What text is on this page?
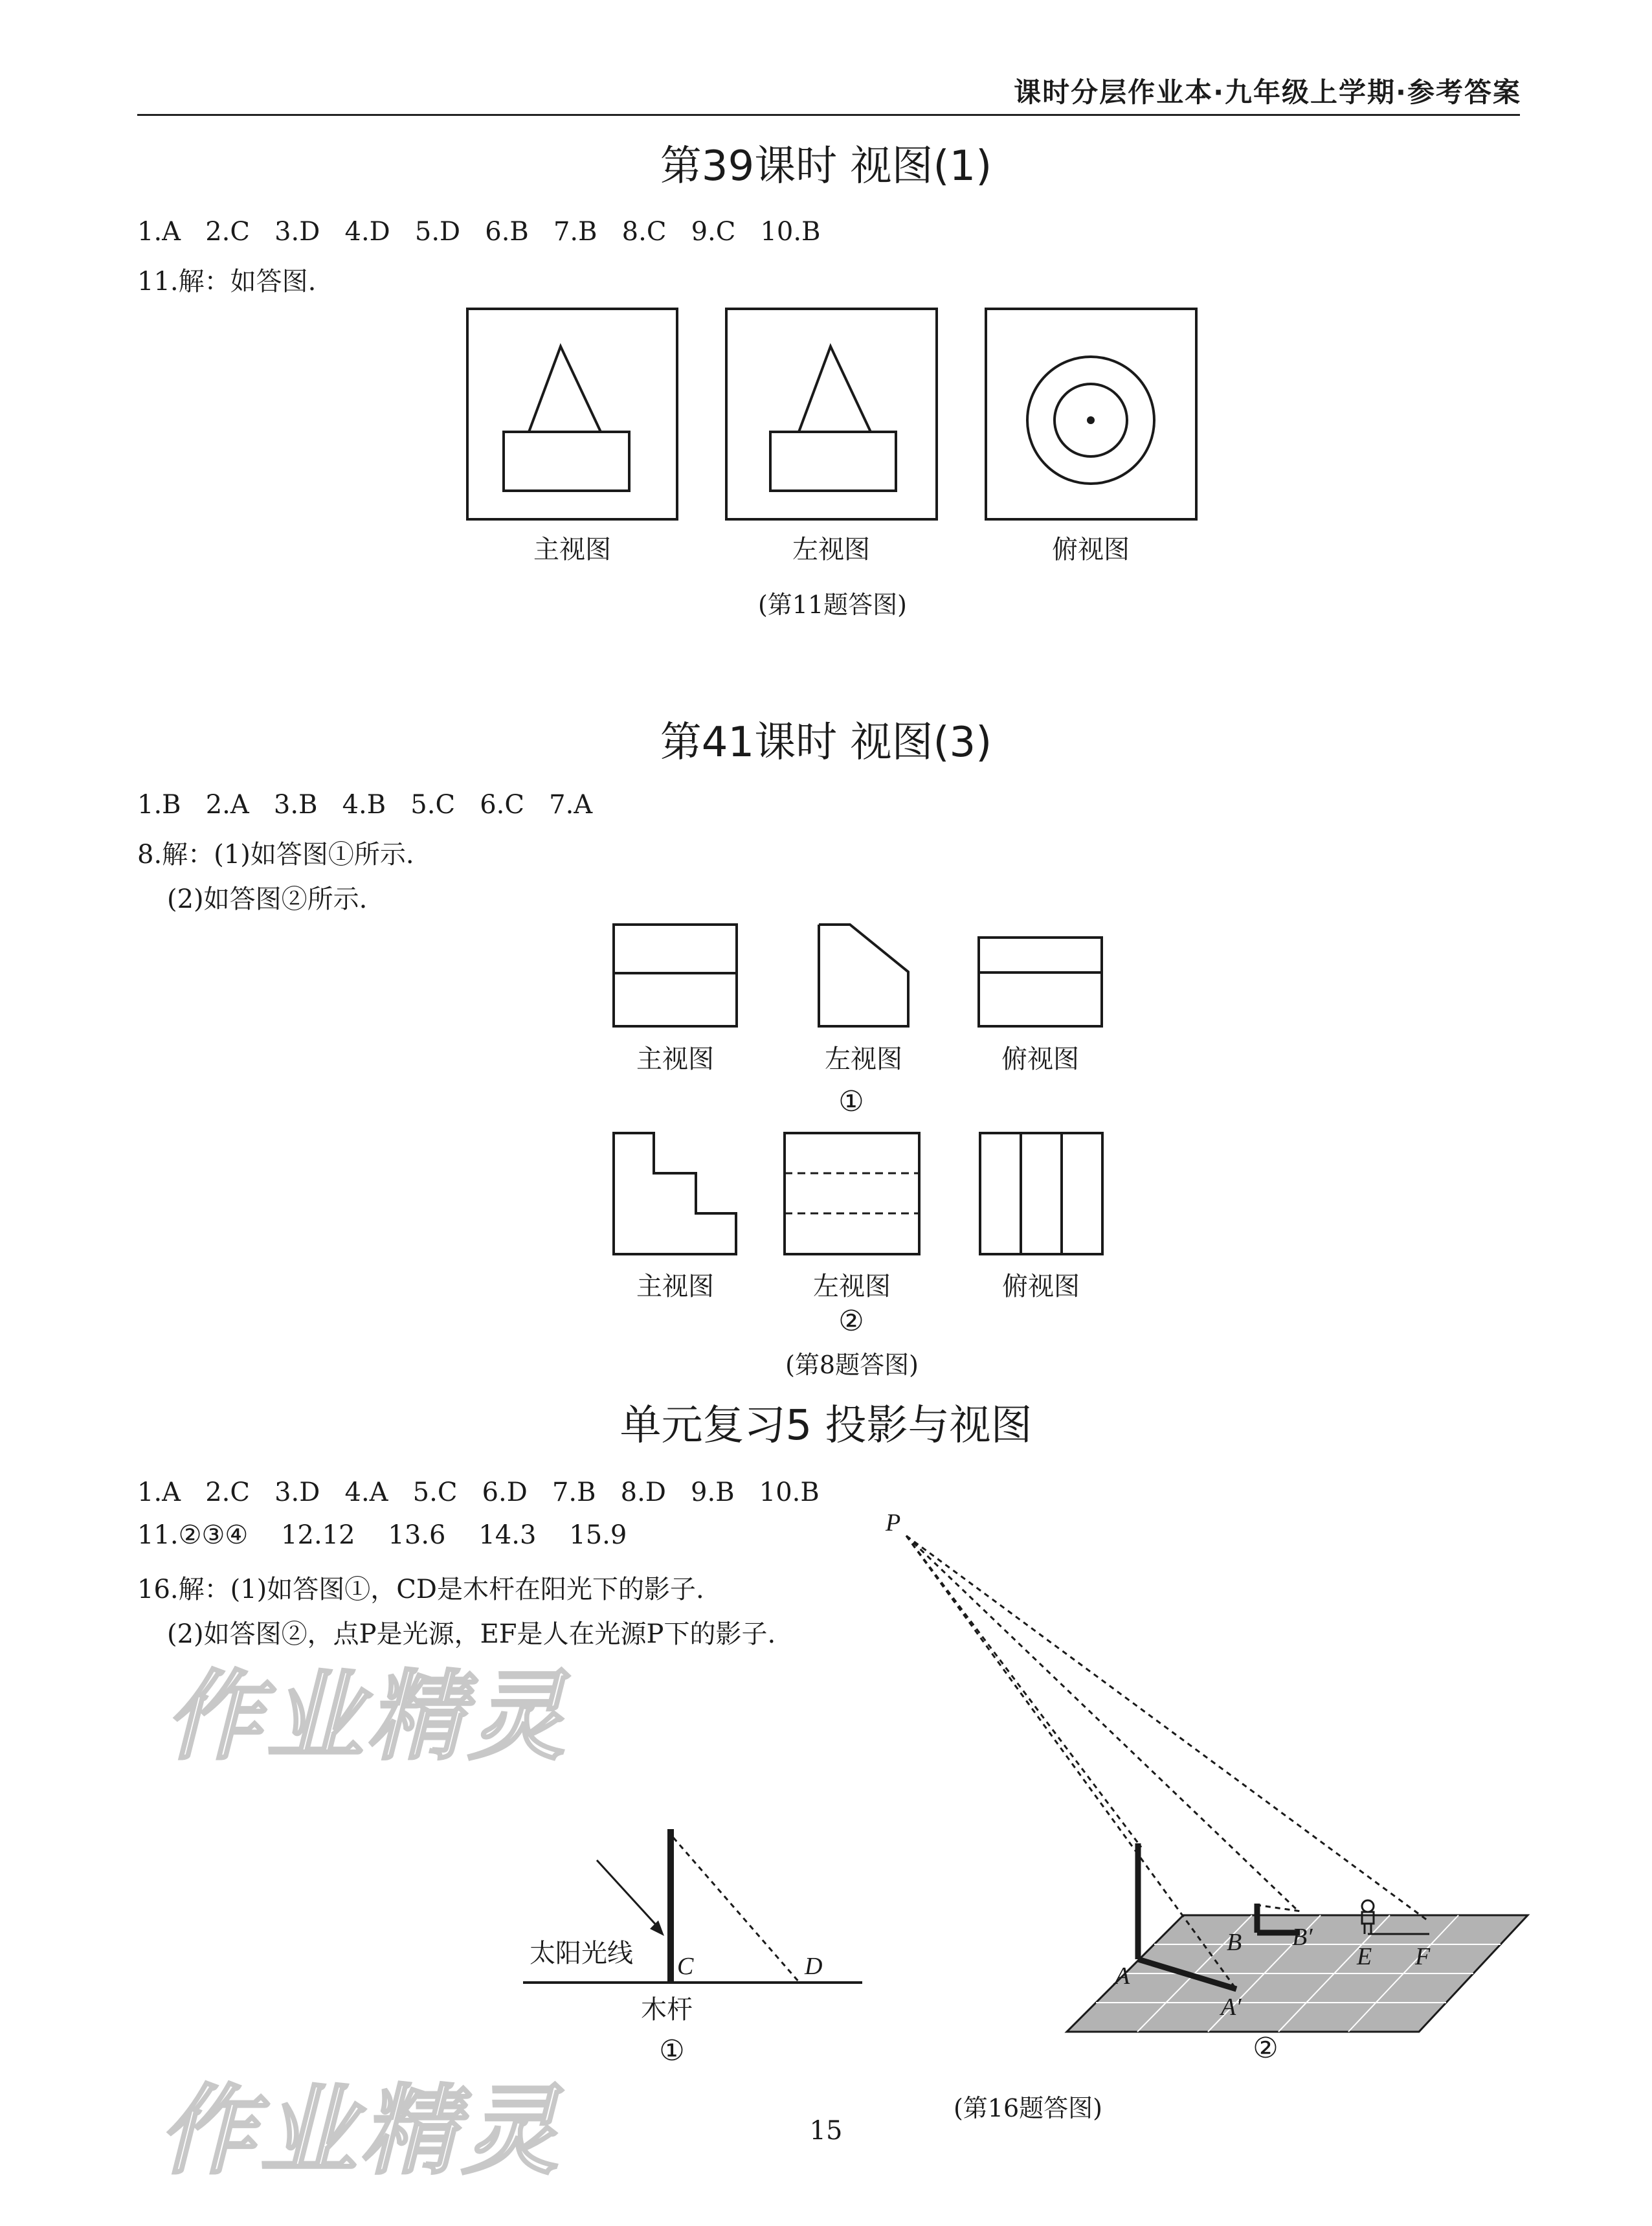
课时分层作业本·九年级上学期·参考答案
第39课时 视图(1)
1.A   2.C   3.D   4.D   5.D   6.B   7.B   8.C   9.C   10.B
11.解：如答图.
主视图	左视图	俯视图
(第11题答图)
第41课时 视图(3)
1.B   2.A   3.B   4.B   5.C   6.C   7.A
8.解：(1)如答图①所示.
(2)如答图②所示.
主视图	左视图	俯视图
①
主视图	左视图	俯视图
②
(第8题答图)
单元复习5 投影与视图
1.A   2.C   3.D   4.A   5.C   6.D   7.B   8.D   9.B   10.B
11.②③④    12.12    13.6    14.3    15.9
16.解：(1)如答图①，CD是木杆在阳光下的影子.
(2)如答图②，点P是光源，EF是人在光源P下的影子.
太阳光线 C	D
木杆
①
P
A
A′
B B′
E F
②
(第16题答图)
作业精灵
作业精灵	15
